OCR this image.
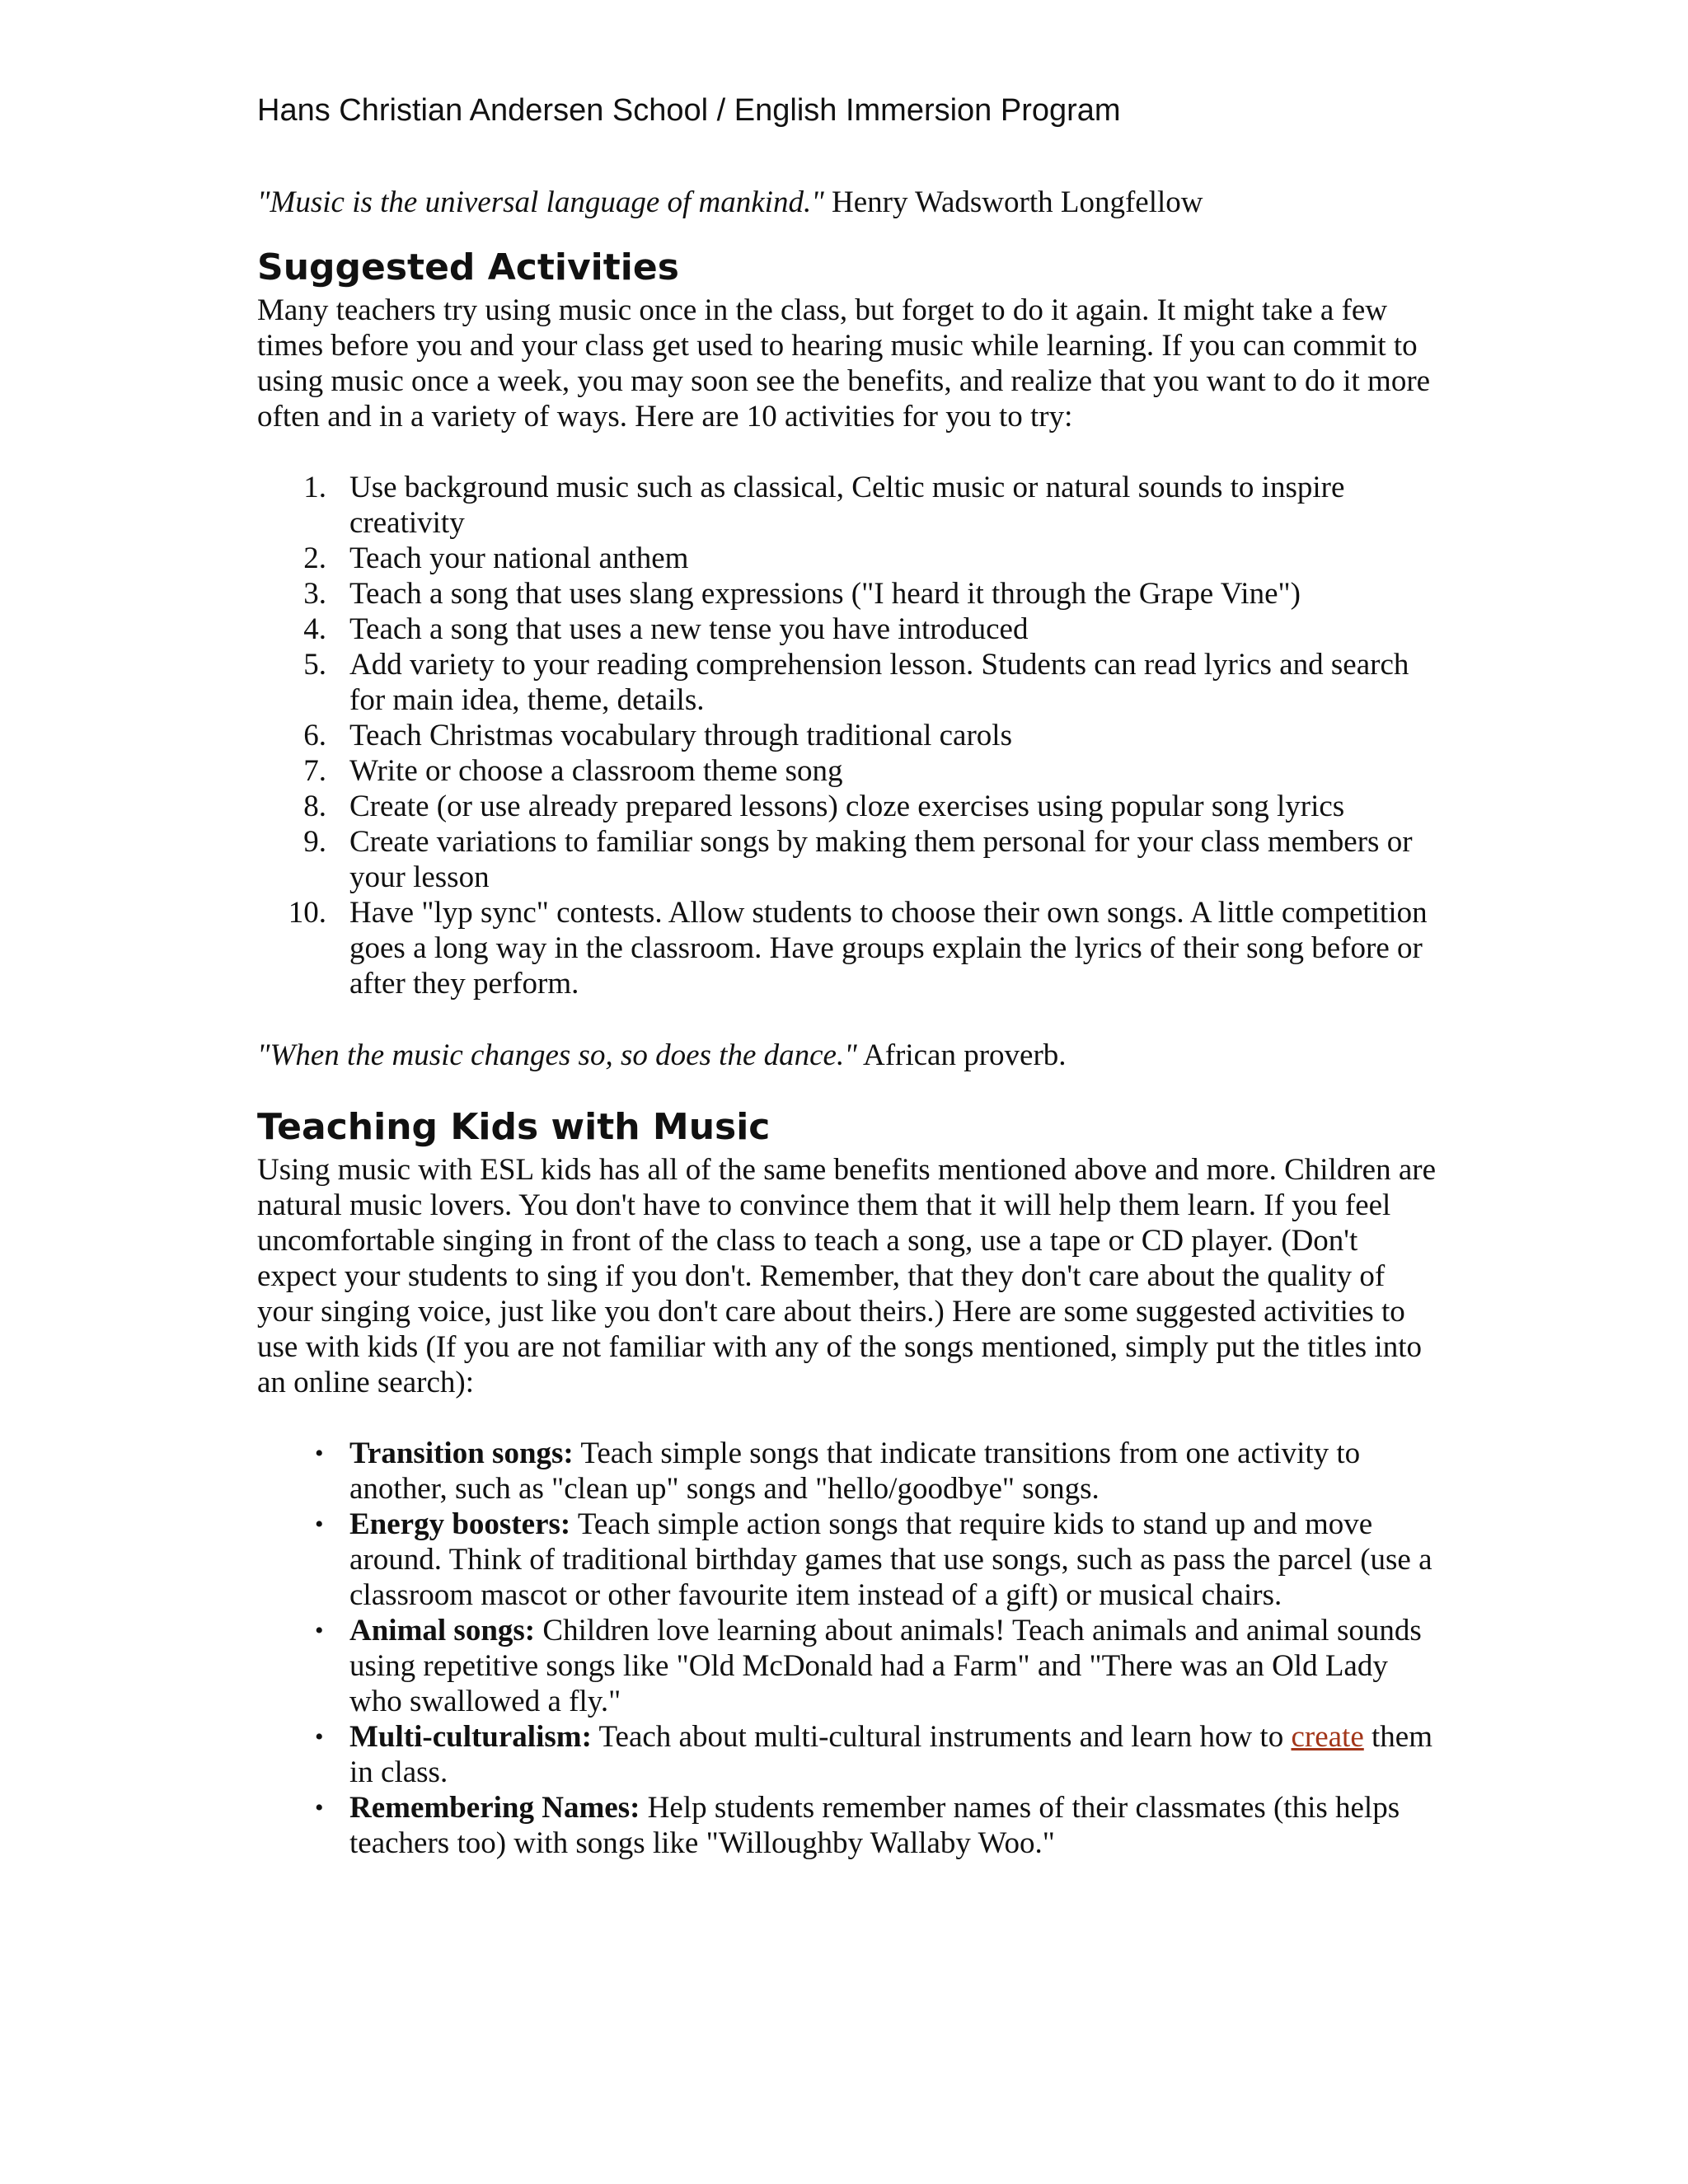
Hans Christian Andersen School / English Immersion Program

"Music is the universal language of mankind." Henry Wadsworth Longfellow

Suggested Activities

Many teachers try using music once in the class, but forget to do it again. It might take a few times before you and your class get used to hearing music while learning. If you can commit to using music once a week, you may soon see the benefits, and realize that you want to do it more often and in a variety of ways. Here are 10 activities for you to try:

1. Use background music such as classical, Celtic music or natural sounds to inspire creativity
2. Teach your national anthem
3. Teach a song that uses slang expressions ("I heard it through the Grape Vine")
4. Teach a song that uses a new tense you have introduced
5. Add variety to your reading comprehension lesson. Students can read lyrics and search for main idea, theme, details.
6. Teach Christmas vocabulary through traditional carols
7. Write or choose a classroom theme song
8. Create (or use already prepared lessons) cloze exercises using popular song lyrics
9. Create variations to familiar songs by making them personal for your class members or your lesson
10. Have "lyp sync" contests. Allow students to choose their own songs. A little competition goes a long way in the classroom. Have groups explain the lyrics of their song before or after they perform.

"When the music changes so, so does the dance." African proverb.

Teaching Kids with Music

Using music with ESL kids has all of the same benefits mentioned above and more. Children are natural music lovers. You don't have to convince them that it will help them learn. If you feel uncomfortable singing in front of the class to teach a song, use a tape or CD player. (Don't expect your students to sing if you don't. Remember, that they don't care about the quality of your singing voice, just like you don't care about theirs.) Here are some suggested activities to use with kids (If you are not familiar with any of the songs mentioned, simply put the titles into an online search):

• Transition songs: Teach simple songs that indicate transitions from one activity to another, such as "clean up" songs and "hello/goodbye" songs.
• Energy boosters: Teach simple action songs that require kids to stand up and move around. Think of traditional birthday games that use songs, such as pass the parcel (use a classroom mascot or other favourite item instead of a gift) or musical chairs.
• Animal songs: Children love learning about animals! Teach animals and animal sounds using repetitive songs like "Old McDonald had a Farm" and "There was an Old Lady who swallowed a fly."
• Multi-culturalism: Teach about multi-cultural instruments and learn how to create them in class.
• Remembering Names: Help students remember names of their classmates (this helps teachers too) with songs like "Willoughby Wallaby Woo."
